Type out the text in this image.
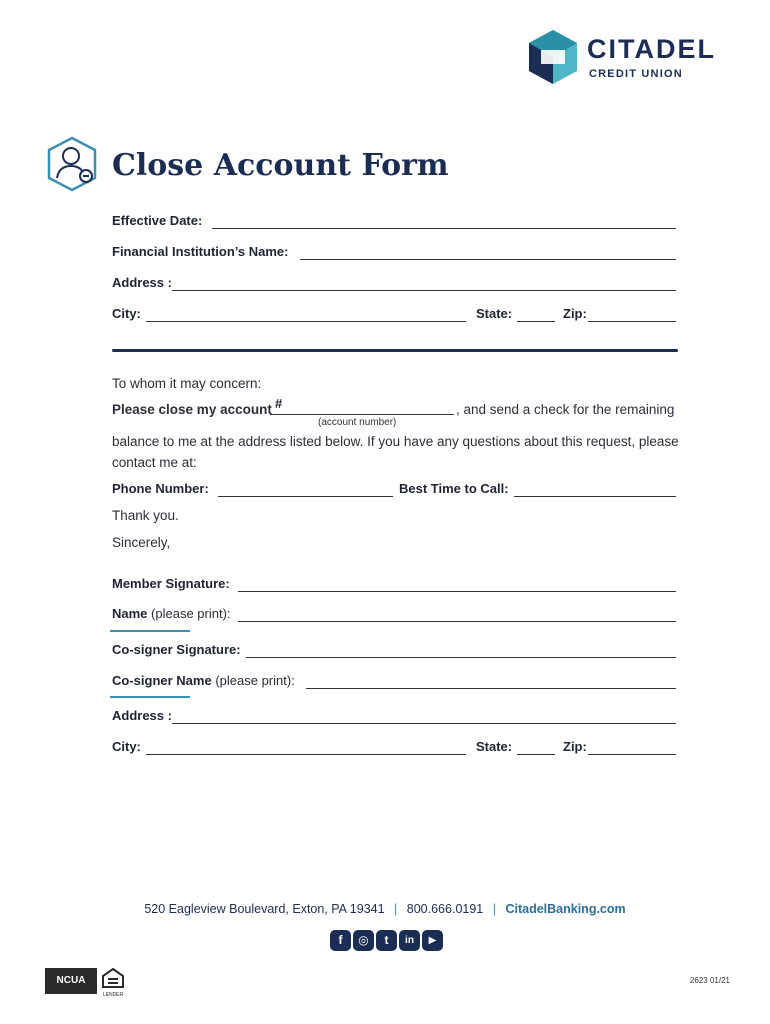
CITADEL
CREDIT UNION
Close Account Form
Effective Date:
Financial Institution’s Name:
Address :
City:	State:	Zip:
To whom it may concern:
Please close my account #
(account number)
, and send a check for the remaining
balance to me at the address listed below. If you have any questions about this request, please
contact me at:
Phone Number:	Best Time to Call:
Thank you.
Sincerely,
Member Signature:
Name (please print):
Co-signer Signature:
Co-signer Name (please print):
Address :
City:	State:	Zip:
520 Eagleview Boulevard, Exton, PA 19341 | 800.666.0191 | CitadelBanking.com
f	◎	t	in	▶
NCUA
LENDER
2623 01/21
